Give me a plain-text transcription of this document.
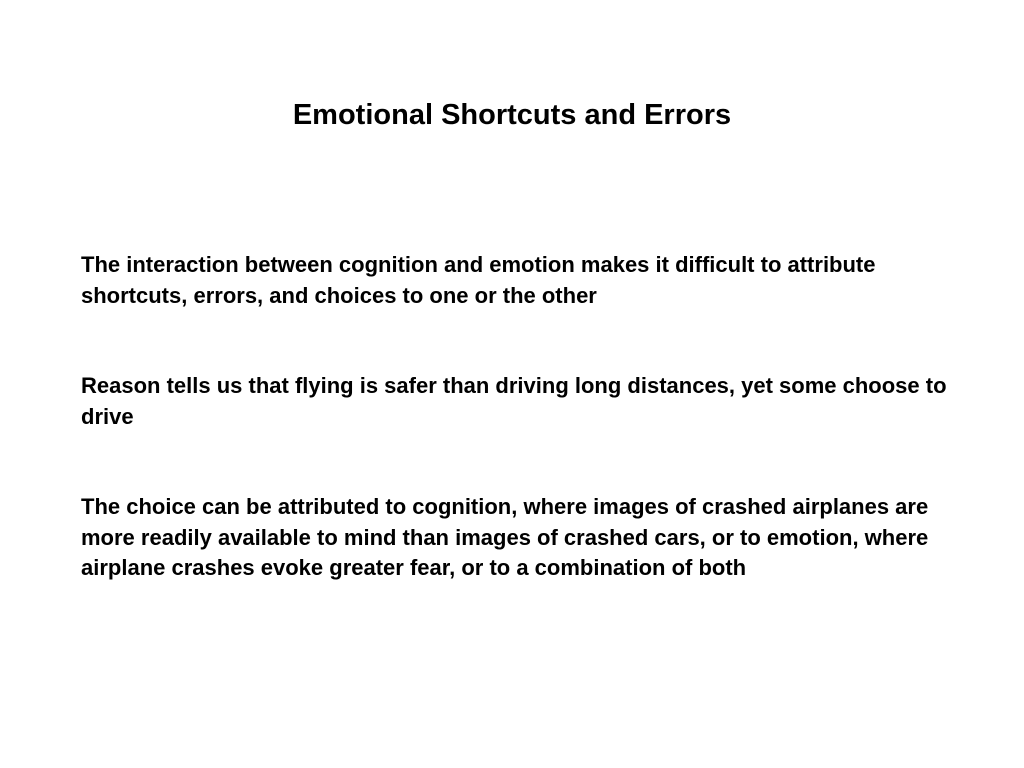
Emotional Shortcuts and Errors
The interaction between cognition and emotion makes it difficult to attribute shortcuts, errors, and choices to one or the other
Reason tells us that flying is safer than driving long distances, yet some choose to drive
The choice can be attributed to cognition, where images of crashed airplanes are more readily available to mind than images of crashed cars, or to emotion, where airplane crashes evoke greater fear, or to a combination of both
